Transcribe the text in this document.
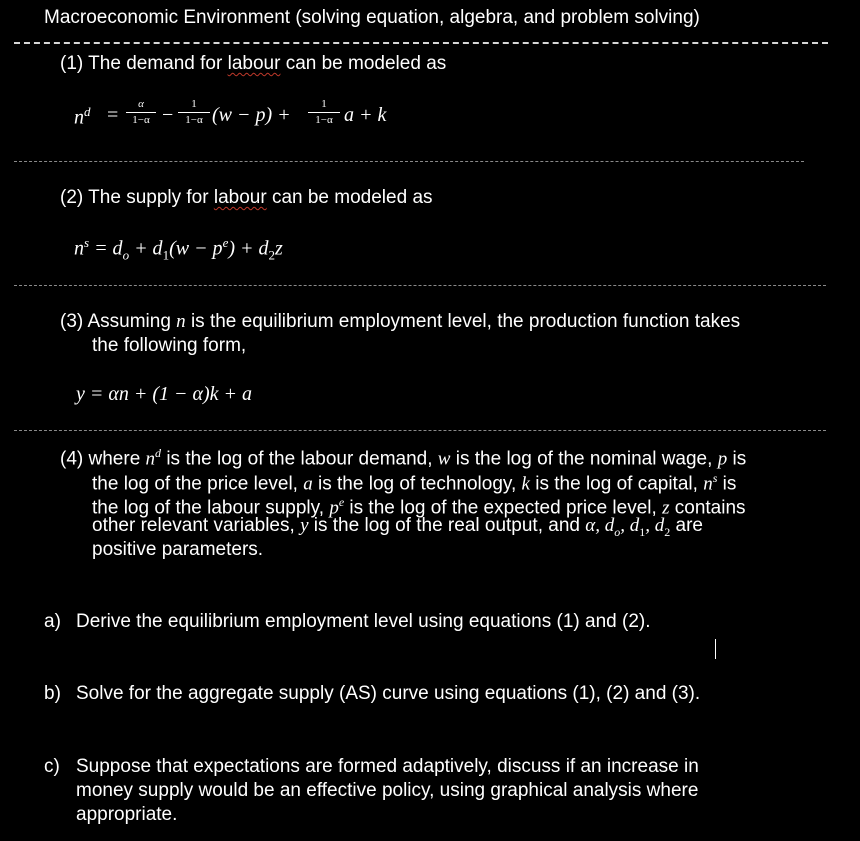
Macroeconomic Environment (solving equation, algebra, and problem solving)
(1) The demand for labour can be modeled as
$n^d$ =	α
1−α −	1
1−α (w − p) +	1
1−α a + k
(2) The supply for labour can be modeled as
$n^s = d_o + d_1(w - p^e) + d_2z$
(3) Assuming n is the equilibrium employment level, the production function takes
the following form,
y = αn + (1 − α)k + a
(4) where $n^d$ is the log of the labour demand, w is the log of the nominal wage, p is
the log of the price level, a is the log of technology, k is the log of capital, $n^s$ is
the log of the labour supply, $p^e$ is the log of the expected price level, z contains
other relevant variables, y is the log of the real output, and α, $d_o$, $d_1$, $d_2$ are
positive parameters.
a) Derive the equilibrium employment level using equations (1) and (2).
b) Solve for the aggregate supply (AS) curve using equations (1), (2) and (3).
c) Suppose that expectations are formed adaptively, discuss if an increase in
money supply would be an effective policy, using graphical analysis where
appropriate.
